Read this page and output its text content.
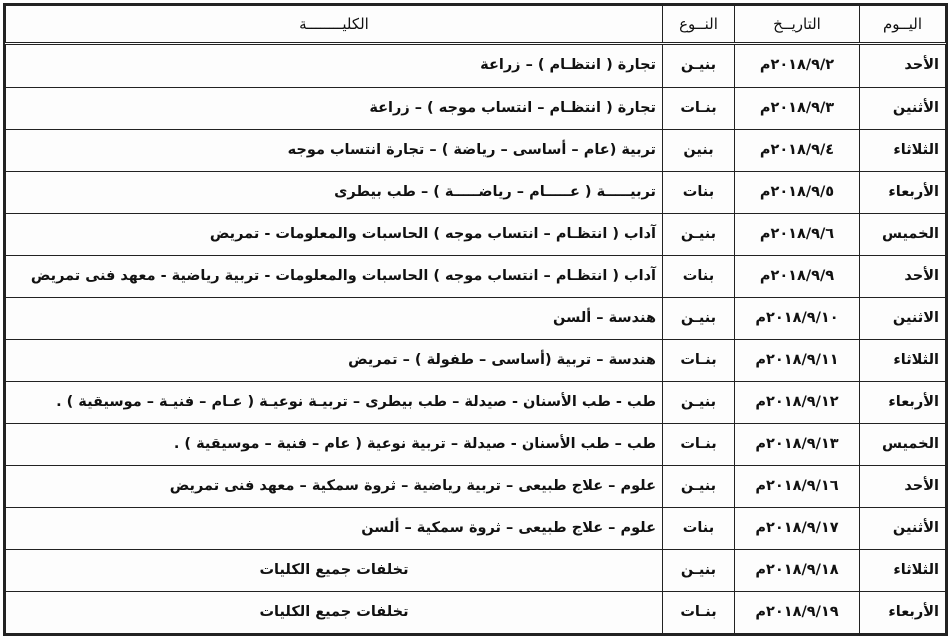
اليــوم	التاريــخ	النــوع	الكليــــــــة
الأحد	٢٠١٨/٩/٢م	بنيـن	تجارة ( انتظـام ) – زراعة
الأثنين	٢٠١٨/٩/٣م	بنـات	تجارة ( انتظـام – انتساب موجه ) – زراعة
الثلاثاء	٢٠١٨/٩/٤م	بنين	تربية (عام – أساسى – رياضة ) – تجارة انتساب موجه
الأربعاء	٢٠١٨/٩/٥م	بنات	تربيـــــة ( عـــــام – رياضـــــة ) – طب بيطرى
الخميس	٢٠١٨/٩/٦م	بنيـن	آداب ( انتظـام – انتساب موجه ) الحاسبات والمعلومات - تمريض
الأحد	٢٠١٨/٩/٩م	بنات	آداب ( انتظـام – انتساب موجه ) الحاسبات والمعلومات - تربية رياضية - معهد فنى تمريض
الاثنين	٢٠١٨/٩/١٠م	بنيـن	هندسة – ألسن
الثلاثاء	٢٠١٨/٩/١١م	بنـات	هندسة – تربية (أساسى – طفولة ) – تمريض
الأربعاء	٢٠١٨/٩/١٢م	بنيـن	طب - طب الأسنان - صيدلة – طب بيطرى – تربيـة نوعيـة ( عـام – فنيـة – موسيقية ) .
الخميس	٢٠١٨/٩/١٣م	بنـات	طب – طب الأسنان - صيدلة – تربية نوعية ( عام – فنية – موسيقية ) .
الأحد	٢٠١٨/٩/١٦م	بنيـن	علوم – علاج طبيعى – تربية رياضية – ثروة سمكية – معهد فنى تمريض
الأثنين	٢٠١٨/٩/١٧م	بنات	علوم – علاج طبيعى – ثروة سمكية – ألسن
الثلاثاء	٢٠١٨/٩/١٨م	بنيـن	تخلفات جميع الكليات
الأربعاء	٢٠١٨/٩/١٩م	بنـات	تخلفات جميع الكليات
